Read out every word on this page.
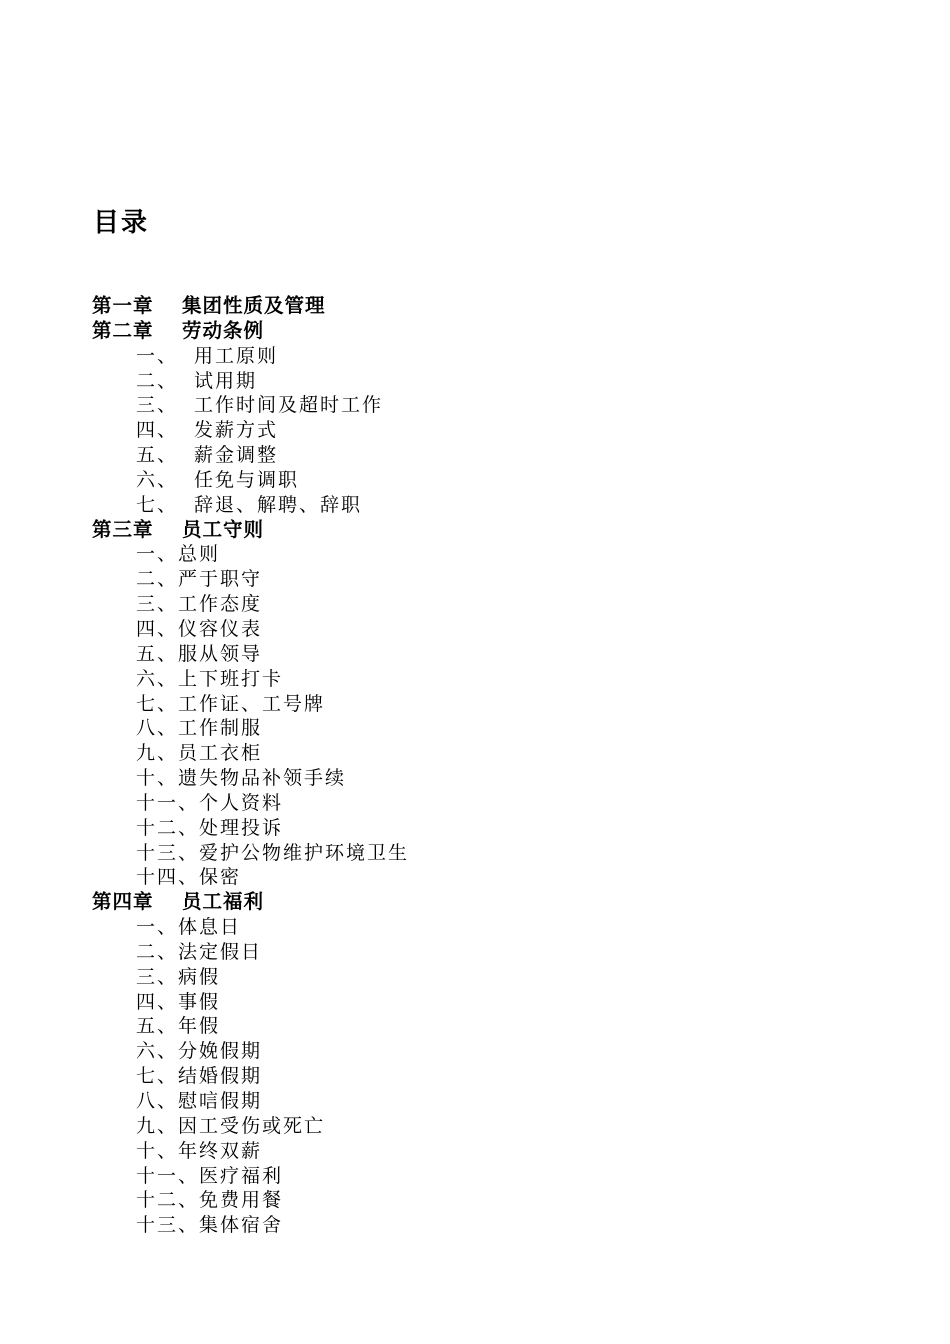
目录
第一章 集团性质及管理
第二章 劳动条例
一、 用工原则
二、 试用期
三、 工作时间及超时工作
四、 发薪方式
五、 薪金调整
六、 任免与调职
七、 辞退、解聘、辞职
第三章 员工守则
一、总则
二、严于职守
三、工作态度
四、仪容仪表
五、服从领导
六、上下班打卡
七、工作证、工号牌
八、工作制服
九、员工衣柜
十、遗失物品补领手续
十一、个人资料
十二、处理投诉
十三、爱护公物维护环境卫生
十四、保密
第四章 员工福利
一、体息日
二、法定假日
三、病假
四、事假
五、年假
六、分娩假期
七、结婚假期
八、慰唁假期
九、因工受伤或死亡
十、年终双薪
十一、医疗福利
十二、免费用餐
十三、集体宿舍
